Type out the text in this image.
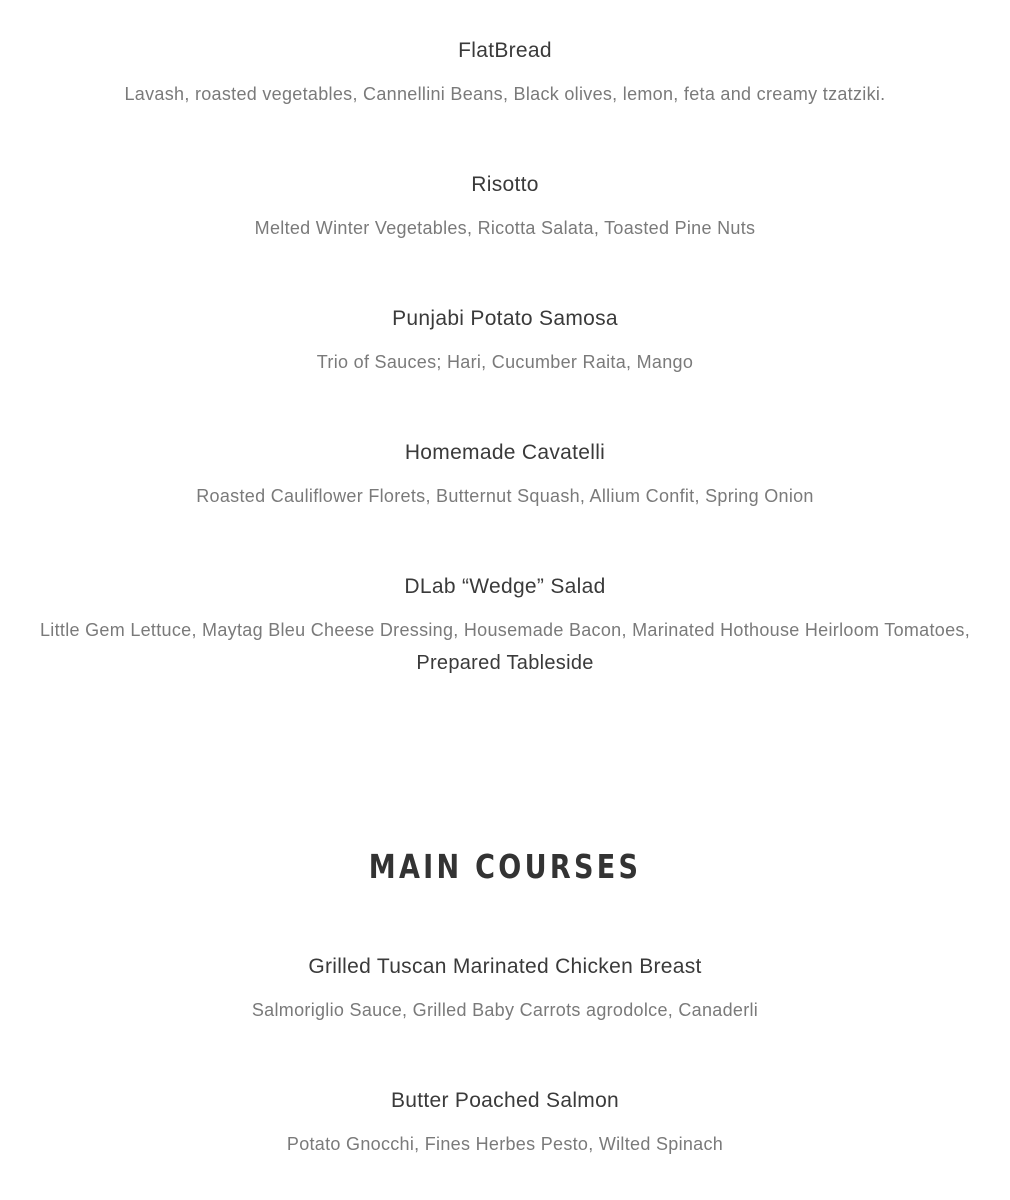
FlatBread

Lavash, roasted vegetables, Cannellini Beans, Black olives, lemon, feta and creamy tzatziki.

Risotto

Melted Winter Vegetables, Ricotta Salata, Toasted Pine Nuts

Punjabi Potato Samosa

Trio of Sauces; Hari, Cucumber Raita, Mango

Homemade Cavatelli

Roasted Cauliflower Florets, Butternut Squash, Allium Confit, Spring Onion

DLab “Wedge” Salad

Little Gem Lettuce, Maytag Bleu Cheese Dressing, Housemade Bacon, Marinated Hothouse Heirloom Tomatoes,

Prepared Tableside

MAIN COURSES
Grilled Tuscan Marinated Chicken Breast

Salmoriglio Sauce, Grilled Baby Carrots agrodolce, Canaderli

Butter Poached Salmon

Potato Gnocchi, Fines Herbes Pesto, Wilted Spinach
